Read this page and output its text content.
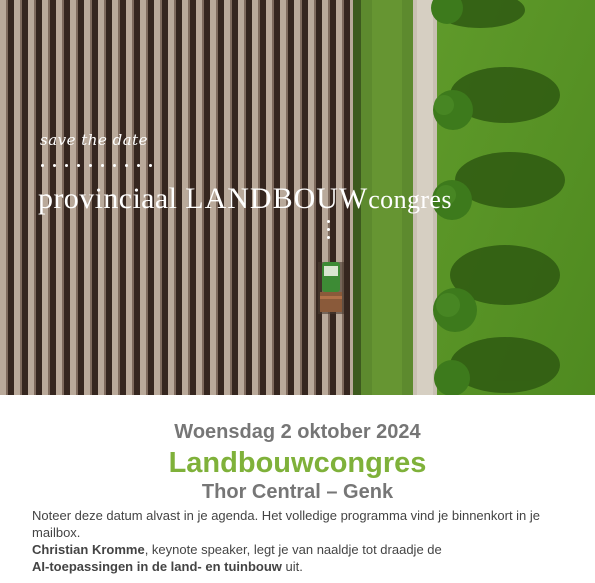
save the date
provinciaal LANDBOUWcongres
Woensdag 2 oktober 2024
Landbouwcongres
Thor Central – Genk

Noteer deze datum alvast in je agenda. Het volledige programma vind je binnenkort in je mailbox.

Christian Kromme, keynote speaker, legt je van naaldje tot draadje de
AI-toepassingen in de land- en tuinbouw uit.
